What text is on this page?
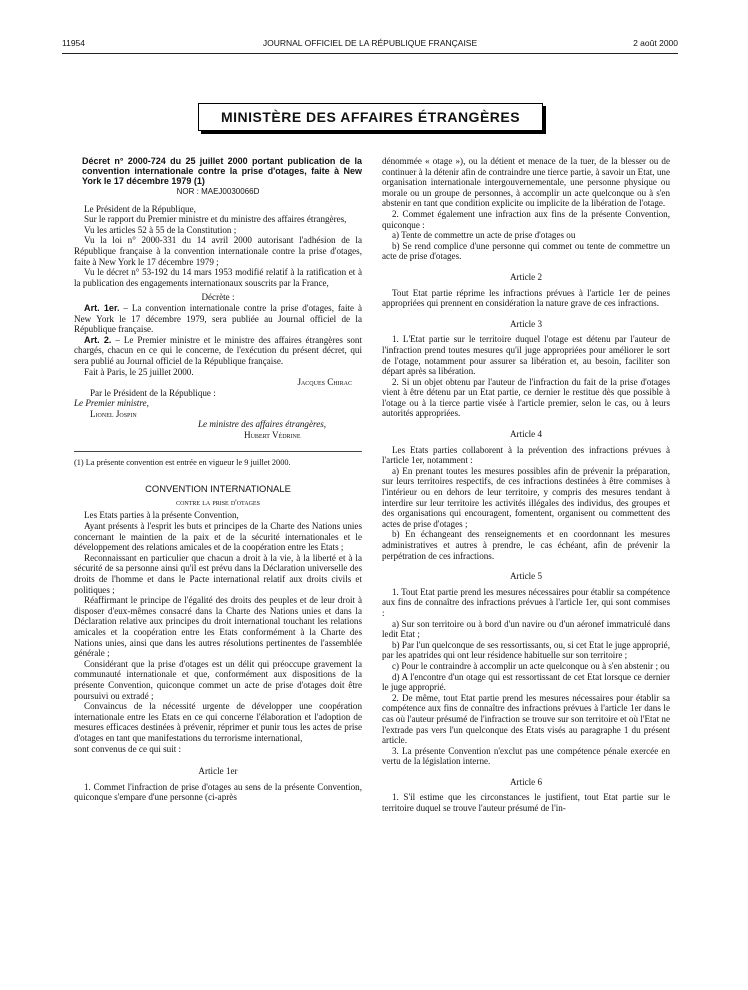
11954	JOURNAL OFFICIEL DE LA RÉPUBLIQUE FRANÇAISE	2 août 2000
MINISTÈRE DES AFFAIRES ÉTRANGÈRES

Décret n° 2000-724 du 25 juillet 2000 portant publication de la convention internationale contre la prise d'otages, faite à New York le 17 décembre 1979 (1)

NOR : MAEJ0030066D

Le Président de la République,

Sur le rapport du Premier ministre et du ministre des affaires étrangères,

Vu les articles 52 à 55 de la Constitution ;

Vu la loi n° 2000-331 du 14 avril 2000 autorisant l'adhésion de la République française à la convention internationale contre la prise d'otages, faite à New York le 17 décembre 1979 ;

Vu le décret n° 53-192 du 14 mars 1953 modifié relatif à la ratification et à la publication des engagements internationaux souscrits par la France,

Décrète :

Art. 1er. – La convention internationale contre la prise d'otages, faite à New York le 17 décembre 1979, sera publiée au Journal officiel de la République française.

Art. 2. – Le Premier ministre et le ministre des affaires étrangères sont chargés, chacun en ce qui le concerne, de l'exécution du présent décret, qui sera publié au Journal officiel de la République française.

Fait à Paris, le 25 juillet 2000.

Jacques Chirac

Par le Président de la République :

Le Premier ministre,

Lionel Jospin

Le ministre des affaires étrangères,

Hubert Védrine

(1) La présente convention est entrée en vigueur le 9 juillet 2000.

CONVENTION INTERNATIONALE

contre la prise d'otages

Les Etats parties à la présente Convention,

Ayant présents à l'esprit les buts et principes de la Charte des Nations unies concernant le maintien de la paix et de la sécurité internationales et le développement des relations amicales et de la coopération entre les Etats ;

Reconnaissant en particulier que chacun a droit à la vie, à la liberté et à la sécurité de sa personne ainsi qu'il est prévu dans la Déclaration universelle des droits de l'homme et dans le Pacte international relatif aux droits civils et politiques ;

Réaffirmant le principe de l'égalité des droits des peuples et de leur droit à disposer d'eux-mêmes consacré dans la Charte des Nations unies et dans la Déclaration relative aux principes du droit international touchant les relations amicales et la coopération entre les Etats conformément à la Charte des Nations unies, ainsi que dans les autres résolutions pertinentes de l'assemblée générale ;

Considérant que la prise d'otages est un délit qui préoccupe gravement la communauté internationale et que, conformément aux dispositions de la présente Convention, quiconque commet un acte de prise d'otages doit être poursuivi ou extradé ;

Convaincus de la nécessité urgente de développer une coopération internationale entre les Etats en ce qui concerne l'élaboration et l'adoption de mesures efficaces destinées à prévenir, réprimer et punir tous les actes de prise d'otages en tant que manifestations du terrorisme international,

sont convenus de ce qui suit :

Article 1er

1. Commet l'infraction de prise d'otages au sens de la présente Convention, quiconque s'empare d'une personne (ci-après

dénommée « otage »), ou la détient et menace de la tuer, de la blesser ou de continuer à la détenir afin de contraindre une tierce partie, à savoir un Etat, une organisation internationale intergouvernementale, une personne physique ou morale ou un groupe de personnes, à accomplir un acte quelconque ou à s'en abstenir en tant que condition explicite ou implicite de la libération de l'otage.

2. Commet également une infraction aux fins de la présente Convention, quiconque :

a) Tente de commettre un acte de prise d'otages ou

b) Se rend complice d'une personne qui commet ou tente de commettre un acte de prise d'otages.

Article 2

Tout Etat partie réprime les infractions prévues à l'article 1er de peines appropriées qui prennent en considération la nature grave de ces infractions.

Article 3

1. L'Etat partie sur le territoire duquel l'otage est détenu par l'auteur de l'infraction prend toutes mesures qu'il juge appropriées pour améliorer le sort de l'otage, notamment pour assurer sa libération et, au besoin, faciliter son départ après sa libération.

2. Si un objet obtenu par l'auteur de l'infraction du fait de la prise d'otages vient à être détenu par un Etat partie, ce dernier le restitue dès que possible à l'otage ou à la tierce partie visée à l'article premier, selon le cas, ou à leurs autorités appropriées.

Article 4

Les Etats parties collaborent à la prévention des infractions prévues à l'article 1er, notamment :

a) En prenant toutes les mesures possibles afin de prévenir la préparation, sur leurs territoires respectifs, de ces infractions destinées à être commises à l'intérieur ou en dehors de leur territoire, y compris des mesures tendant à interdire sur leur territoire les activités illégales des individus, des groupes et des organisations qui encouragent, fomentent, organisent ou commettent des actes de prise d'otages ;

b) En échangeant des renseignements et en coordonnant les mesures administratives et autres à prendre, le cas échéant, afin de prévenir la perpétration de ces infractions.

Article 5

1. Tout Etat partie prend les mesures nécessaires pour établir sa compétence aux fins de connaître des infractions prévues à l'article 1er, qui sont commises :

a) Sur son territoire ou à bord d'un navire ou d'un aéronef immatriculé dans ledit Etat ;

b) Par l'un quelconque de ses ressortissants, ou, si cet Etat le juge approprié, par les apatrides qui ont leur résidence habituelle sur son territoire ;

c) Pour le contraindre à accomplir un acte quelconque ou à s'en abstenir ; ou

d) A l'encontre d'un otage qui est ressortissant de cet Etat lorsque ce dernier le juge approprié.

2. De même, tout Etat partie prend les mesures nécessaires pour établir sa compétence aux fins de connaître des infractions prévues à l'article 1er dans le cas où l'auteur présumé de l'infraction se trouve sur son territoire et où l'Etat ne l'extrade pas vers l'un quelconque des Etats visés au paragraphe 1 du présent article.

3. La présente Convention n'exclut pas une compétence pénale exercée en vertu de la législation interne.

Article 6

1. S'il estime que les circonstances le justifient, tout Etat partie sur le territoire duquel se trouve l'auteur présumé de l'in-
